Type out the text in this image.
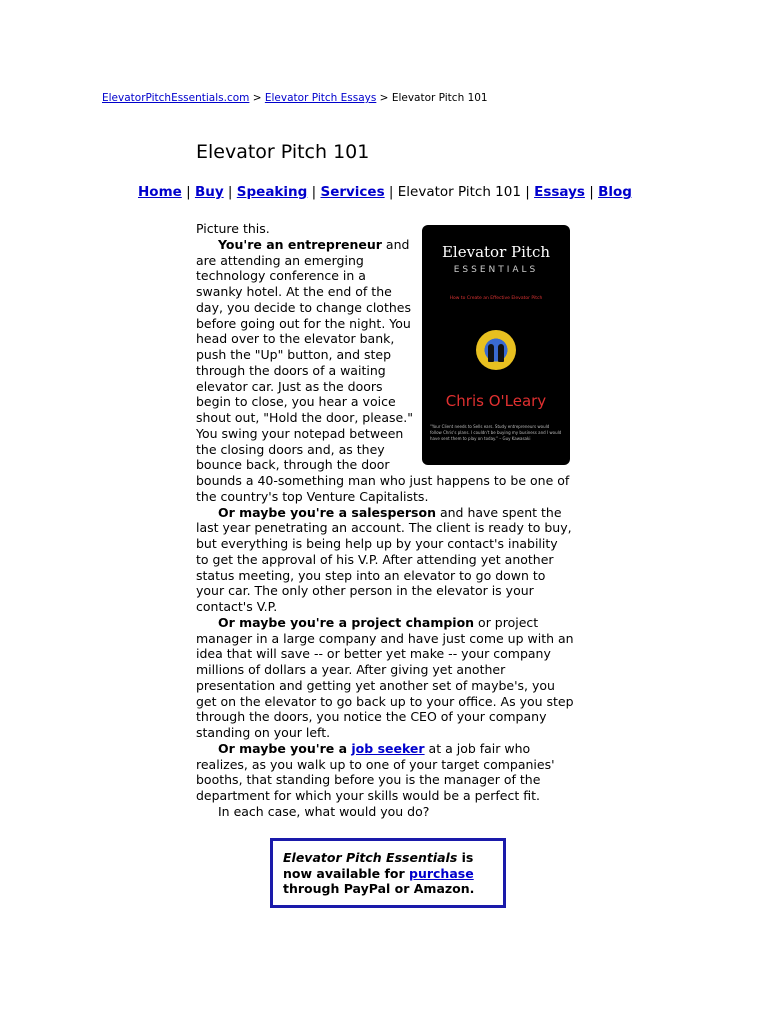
ElevatorPitchEssentials.com > Elevator Pitch Essays > Elevator Pitch 101
Elevator Pitch 101
Home | Buy | Speaking | Services | Elevator Pitch 101 | Essays | Blog
Elevator Pitch
ESSENTIALS
How to Create an Effective Elevator Pitch
Chris O'Leary
"Your Client needs to Sells ears. Study entrepreneurs would follow Chris's plans. I couldn't be buying my business and I would have sent them to play on today." – Guy Kawasaki

Picture this.

You're an entrepreneur and are attending an emerging technology conference in a swanky hotel. At the end of the day, you decide to change clothes before going out for the night. You head over to the elevator bank, push the "Up" button, and step through the doors of a waiting elevator car. Just as the doors begin to close, you hear a voice shout out, "Hold the door, please." You swing your notepad between the closing doors and, as they bounce back, through the door bounds a 40-something man who just happens to be one of the country's top Venture Capitalists.

Or maybe you're a salesperson and have spent the last year penetrating an account. The client is ready to buy, but everything is being help up by your contact's inability to get the approval of his V.P. After attending yet another status meeting, you step into an elevator to go down to your car. The only other person in the elevator is your contact's V.P.

Or maybe you're a project champion or project manager in a large company and have just come up with an idea that will save -- or better yet make -- your company millions of dollars a year. After giving yet another presentation and getting yet another set of maybe's, you get on the elevator to go back up to your office. As you step through the doors, you notice the CEO of your company standing on your left.

Or maybe you're a job seeker at a job fair who realizes, as you walk up to one of your target companies' booths, that standing before you is the manager of the department for which your skills would be a perfect fit.

In each case, what would you do?

Elevator Pitch Essentials is now available for purchase through PayPal or Amazon.
